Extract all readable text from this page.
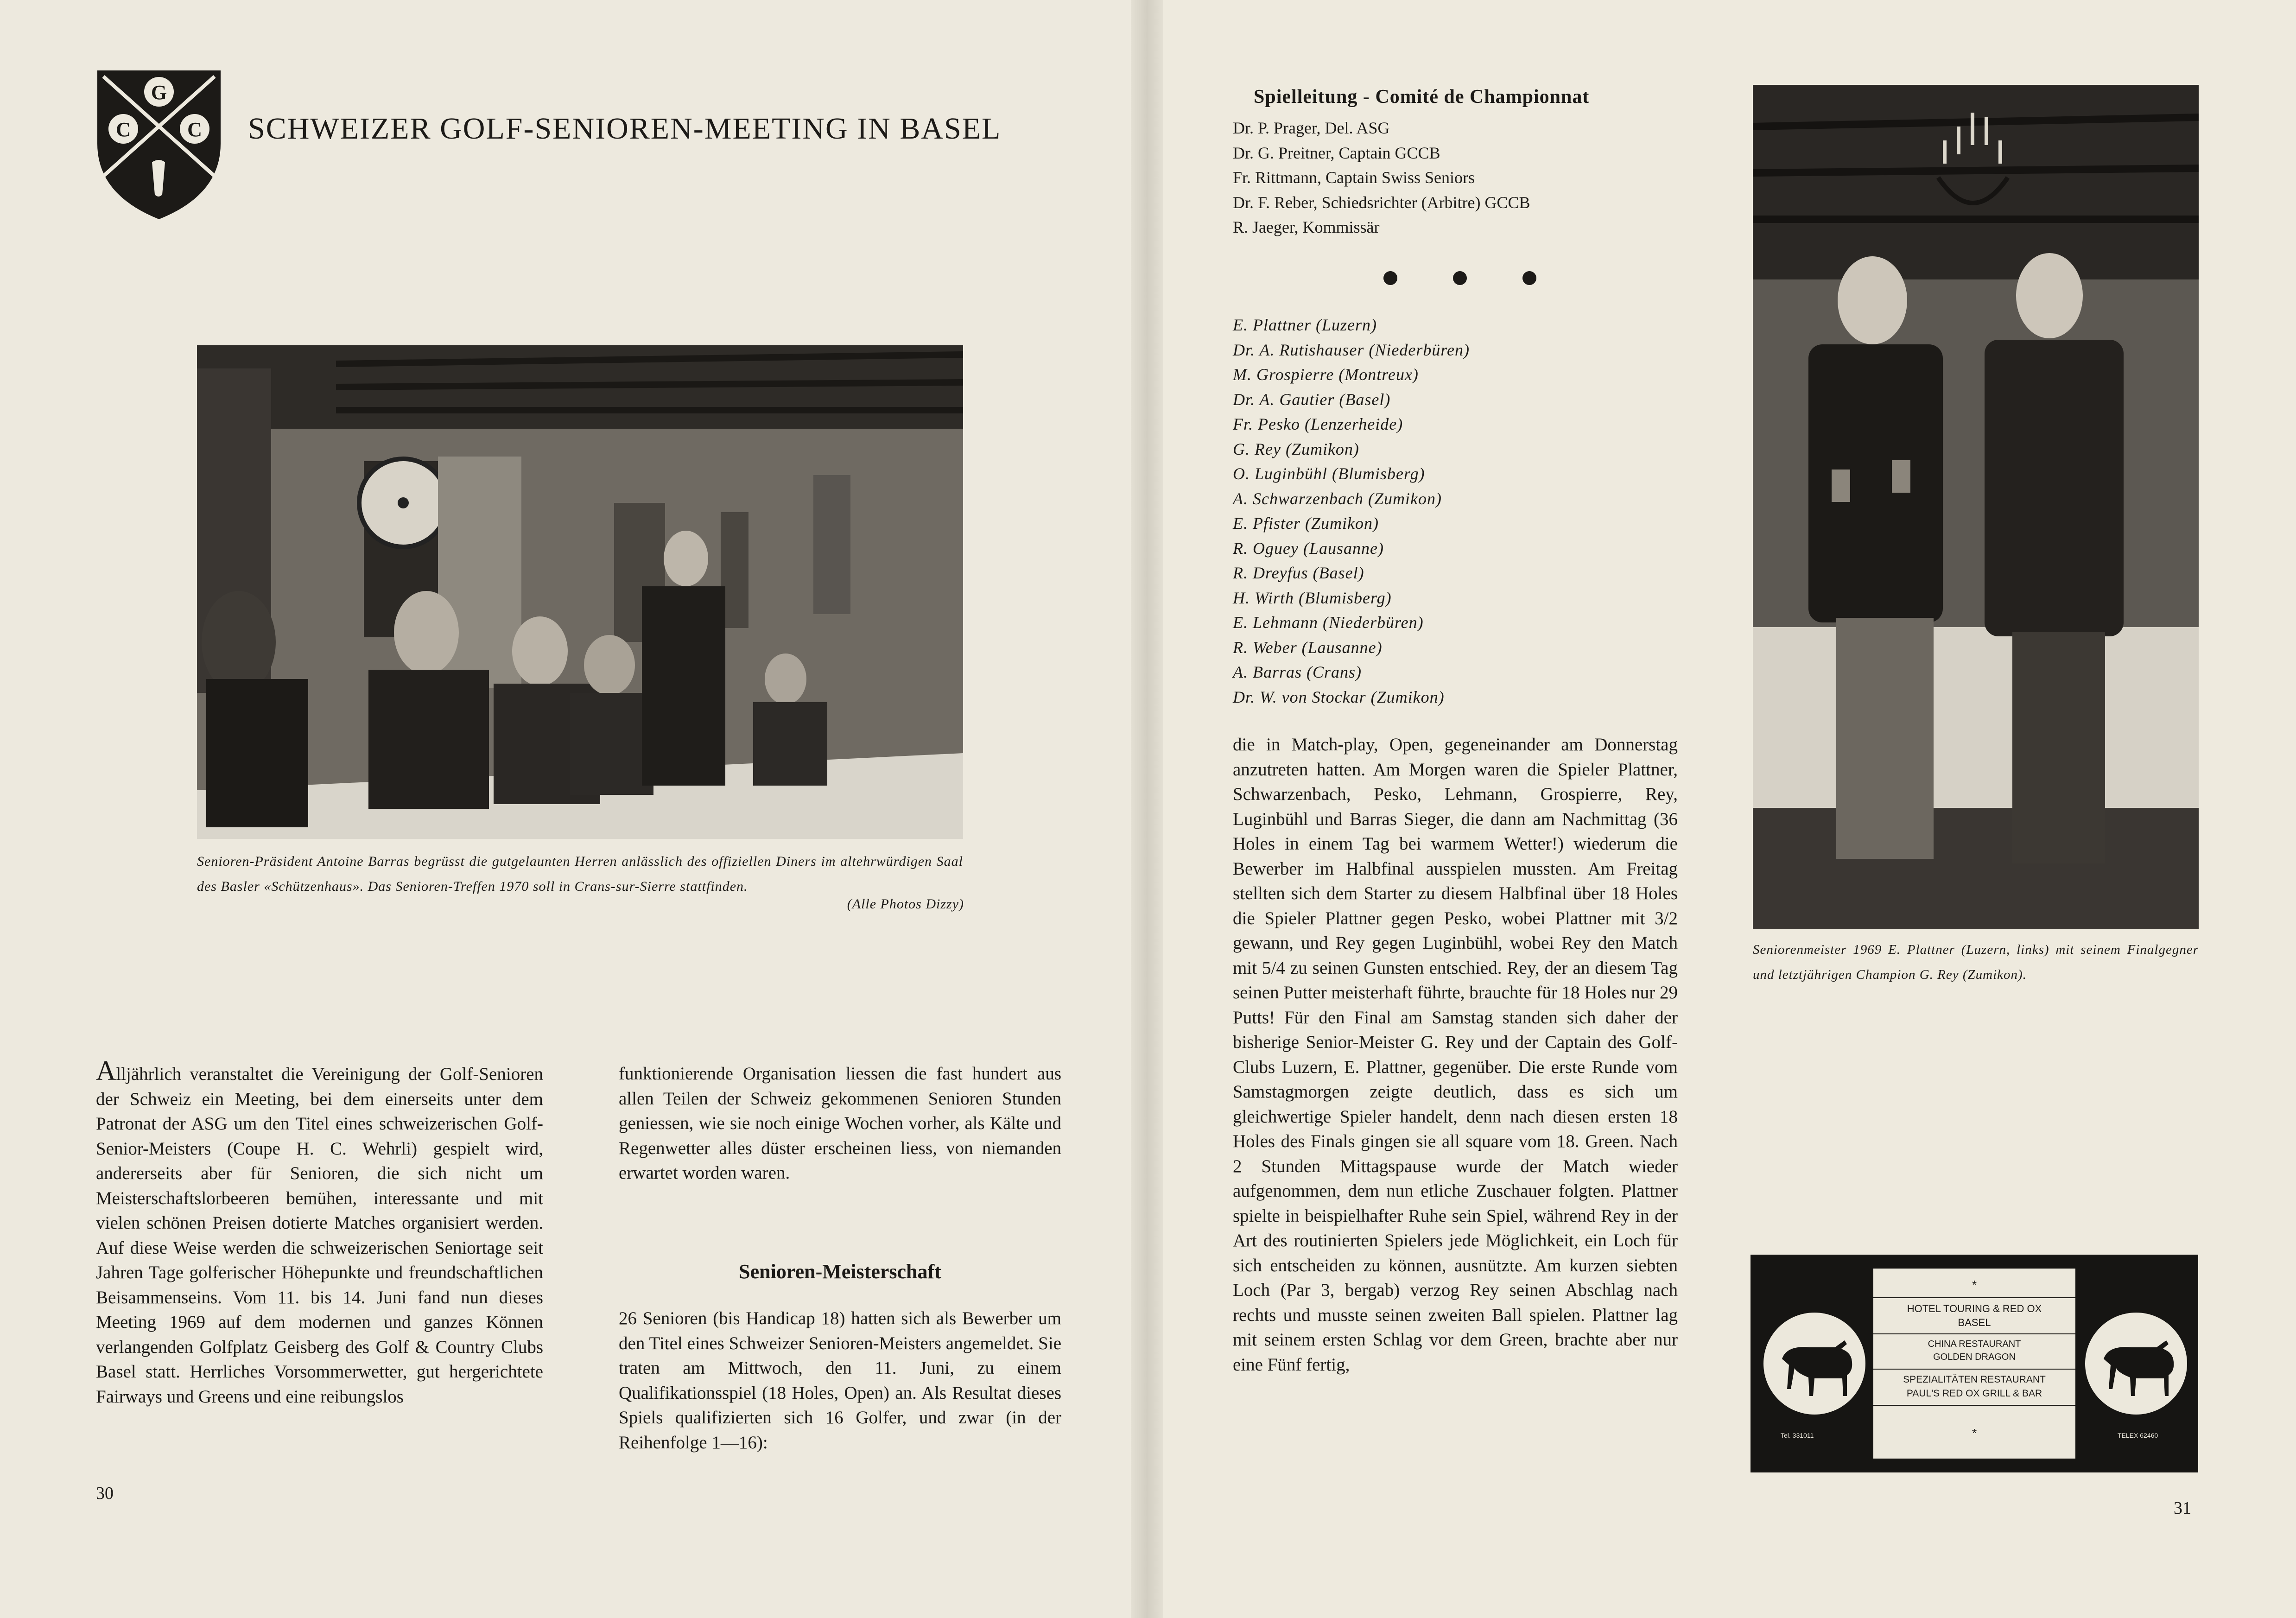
G
C	C SCHWEIZER GOLF-SENIOREN-MEETING IN BASEL
Senioren-Präsident Antoine Barras begrüsst die gutgelaunten Herren anlässlich des offiziellen Diners im altehrwürdigen Saal des Basler «Schützenhaus». Das Senioren-Treffen 1970 soll in Crans-sur-Sierre stattfinden.
(Alle Photos Dizzy)
Alljährlich veranstaltet die Vereinigung der Golf-Senioren der Schweiz ein Meeting, bei dem einerseits unter dem Patronat der ASG um den Titel eines schweizerischen Golf-Senior-Meisters (Coupe H. C. Wehrli) gespielt wird, andererseits aber für Senioren, die sich nicht um Meisterschaftslorbeeren bemühen, interessante und mit vielen schönen Preisen dotierte Matches organisiert werden. Auf diese Weise werden die schweizerischen Seniortage seit Jahren Tage golferischer Höhepunkte und freundschaftlichen Beisammenseins. Vom 11. bis 14. Juni fand nun dieses Meeting 1969 auf dem modernen und ganzes Können verlangenden Golfplatz Geisberg des Golf & Country Clubs Basel statt. Herrliches Vorsommerwetter, gut hergerichtete Fairways und Greens und eine reibungslos
funktionierende Organisation liessen die fast hundert aus allen Teilen der Schweiz gekommenen Senioren Stunden geniessen, wie sie noch einige Wochen vorher, als Kälte und Regenwetter alles düster erscheinen liess, von niemanden erwartet worden waren.
Senioren-Meisterschaft
26 Senioren (bis Handicap 18) hatten sich als Bewerber um den Titel eines Schweizer Senioren-Meisters angemeldet. Sie traten am Mittwoch, den 11. Juni, zu einem Qualifikationsspiel (18 Holes, Open) an. Als Resultat dieses Spiels qualifizierten sich 16 Golfer, und zwar (in der Reihenfolge 1—16):
30
Spielleitung - Comité de Championnat
Dr. P. Prager, Del. ASG
Dr. G. Preitner, Captain GCCB
Fr. Rittmann, Captain Swiss Seniors
Dr. F. Reber, Schiedsrichter (Arbitre) GCCB
R. Jaeger, Kommissär
E. Plattner (Luzern)
Dr. A. Rutishauser (Niederbüren)
M. Grospierre (Montreux)
Dr. A. Gautier (Basel)
Fr. Pesko (Lenzerheide)
G. Rey (Zumikon)
O. Luginbühl (Blumisberg)
A. Schwarzenbach (Zumikon)
E. Pfister (Zumikon)
R. Oguey (Lausanne)
R. Dreyfus (Basel)
H. Wirth (Blumisberg)
E. Lehmann (Niederbüren)
R. Weber (Lausanne)
A. Barras (Crans)
Dr. W. von Stockar (Zumikon)
die in Match-play, Open, gegeneinander am Donnerstag anzutreten hatten. Am Morgen waren die Spieler Plattner, Schwarzenbach, Pesko, Lehmann, Grospierre, Rey, Luginbühl und Barras Sieger, die dann am Nachmittag (36 Holes in einem Tag bei warmem Wetter!) wiederum die Bewerber im Halbfinal ausspielen mussten. Am Freitag stellten sich dem Starter zu diesem Halbfinal über 18 Holes die Spieler Plattner gegen Pesko, wobei Plattner mit 3/2 gewann, und Rey gegen Luginbühl, wobei Rey den Match mit 5/4 zu seinen Gunsten entschied. Rey, der an diesem Tag seinen Putter meisterhaft führte, brauchte für 18 Holes nur 29 Putts! Für den Final am Samstag standen sich daher der bisherige Senior-Meister G. Rey und der Captain des Golf-Clubs Luzern, E. Plattner, gegenüber. Die erste Runde vom Samstagmorgen zeigte deutlich, dass es sich um gleichwertige Spieler handelt, denn nach diesen ersten 18 Holes des Finals gingen sie all square vom 18. Green. Nach 2 Stunden Mittagspause wurde der Match wieder aufgenommen, dem nun etliche Zuschauer folgten. Plattner spielte in beispielhafter Ruhe sein Spiel, während Rey in der Art des routinierten Spielers jede Möglichkeit, ein Loch für sich entscheiden zu können, ausnützte. Am kurzen siebten Loch (Par 3, bergab) verzog Rey seinen Abschlag nach rechts und musste seinen zweiten Ball spielen. Plattner lag mit seinem ersten Schlag vor dem Green, brachte aber nur eine Fünf fertig,
Seniorenmeister 1969 E. Plattner (Luzern, links) mit seinem Finalgegner und letztjährigen Champion G. Rey (Zumikon).
Tel. 331011	TELEX 62460
*
HOTEL TOURING & RED OX
BASEL
CHINA RESTAURANT
GOLDEN DRAGON
SPEZIALITÄTEN RESTAURANT
PAUL'S RED OX GRILL & BAR
*
31
